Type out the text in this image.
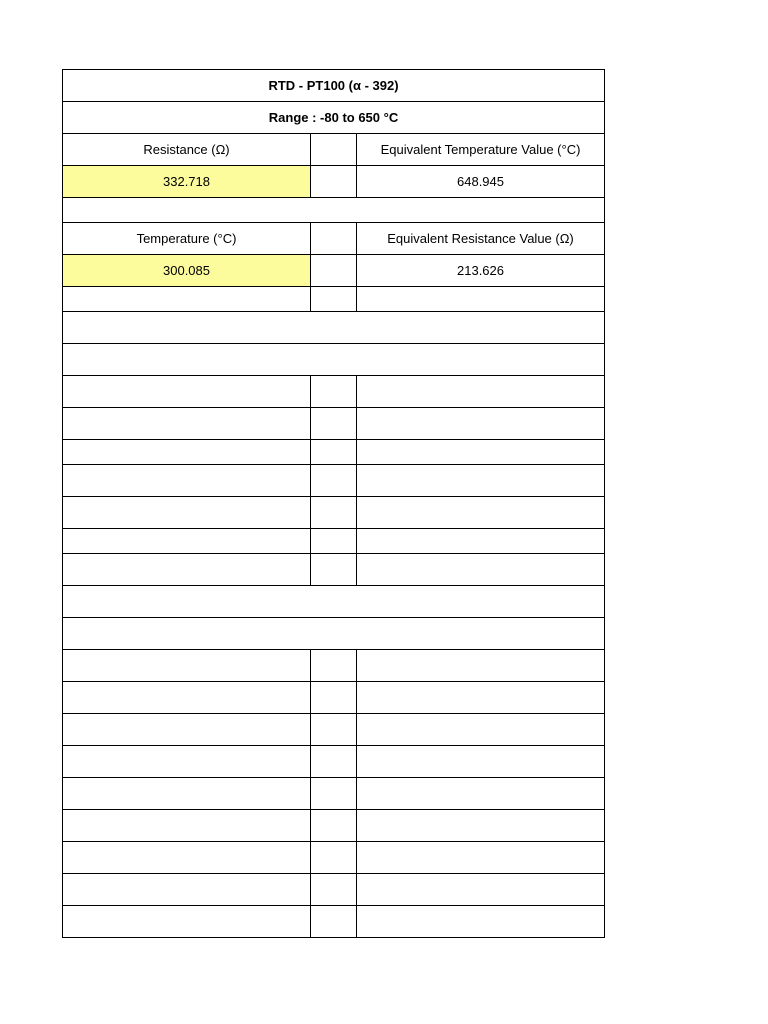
RTD - PT100 (α - 392)		
Range : -80 to 650 °C		
Resistance (Ω)		Equivalent Temperature Value (°C)
332.718		648.945

Temperature (°C)		Equivalent Resistance Value (Ω)
300.085		213.626
